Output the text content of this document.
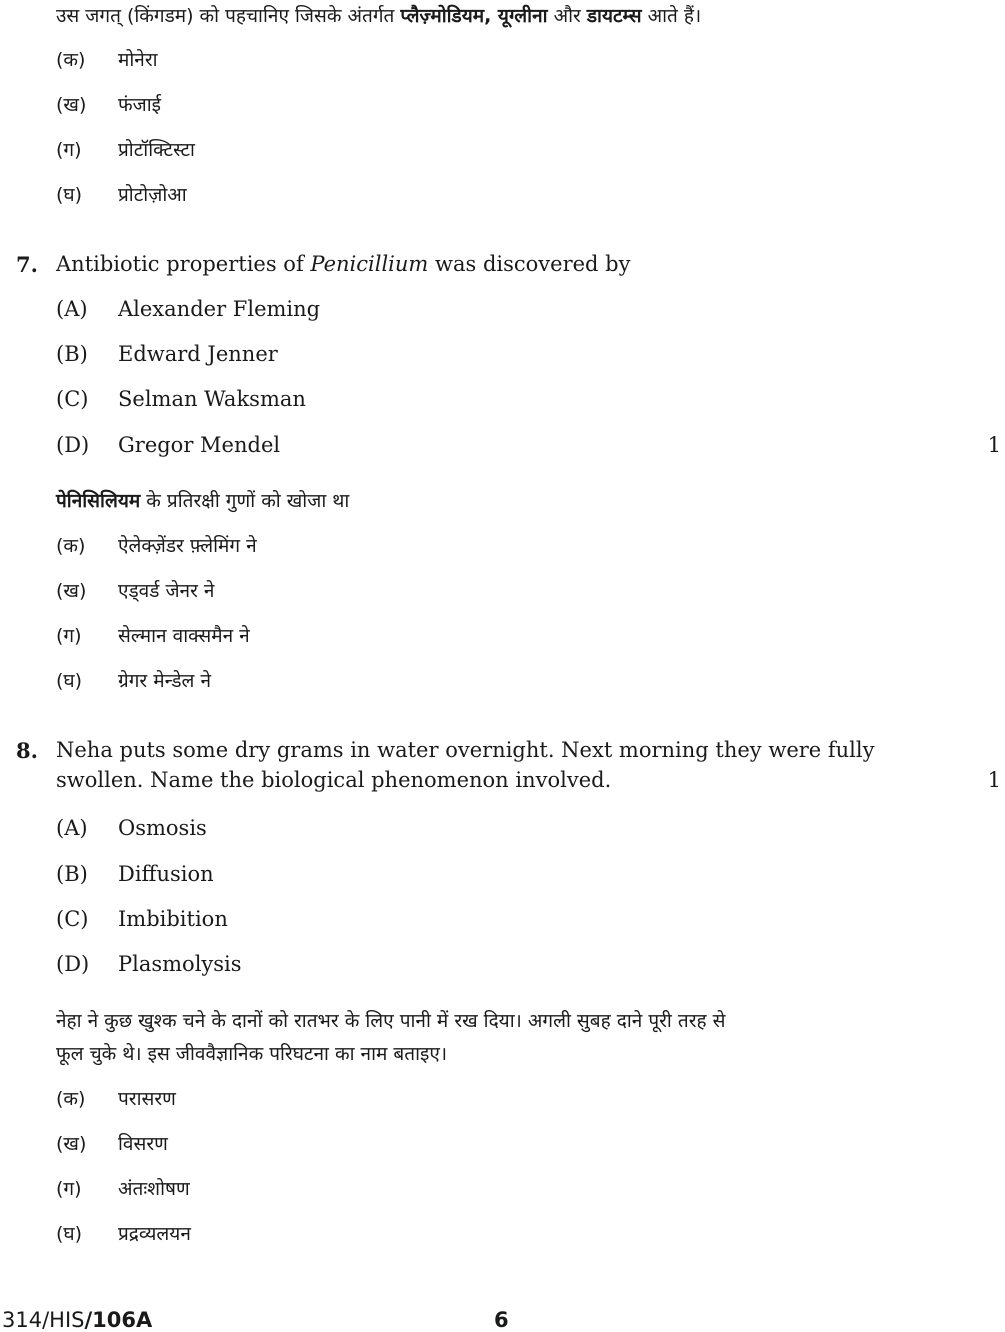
उस जगत् (किंगडम) को पहचानिए जिसके अंतर्गत प्लैज़्मोडियम, यूग्लीना और डायटम्स आते हैं।
(क) मोनेरा
(ख) फंजाई
(ग) प्रोटॉक्टिस्टा
(घ) प्रोटोज़ोआ
7. Antibiotic properties of Penicillium was discovered by
(A) Alexander Fleming
(B) Edward Jenner
(C) Selman Waksman
(D) Gregor Mendel	1
पेनिसिलियम के प्रतिरक्षी गुणों को खोजा था
(क) ऐलेक्ज़ेंडर फ़्लेमिंग ने
(ख) एड्वर्ड जेनर ने
(ग) सेल्मान वाक्समैन ने
(घ) ग्रेगर मेन्डेल ने
8. Neha puts some dry grams in water overnight. Next morning they were fully
swollen. Name the biological phenomenon involved.	1
(A) Osmosis
(B) Diffusion
(C) Imbibition
(D) Plasmolysis
नेहा ने कुछ खुश्क चने के दानों को रातभर के लिए पानी में रख दिया। अगली सुबह दाने पूरी तरह से
फूल चुके थे। इस जीववैज्ञानिक परिघटना का नाम बताइए।
(क) परासरण
(ख) विसरण
(ग) अंतःशोषण
(घ) प्रद्रव्यलयन
314/HIS/106A	6
